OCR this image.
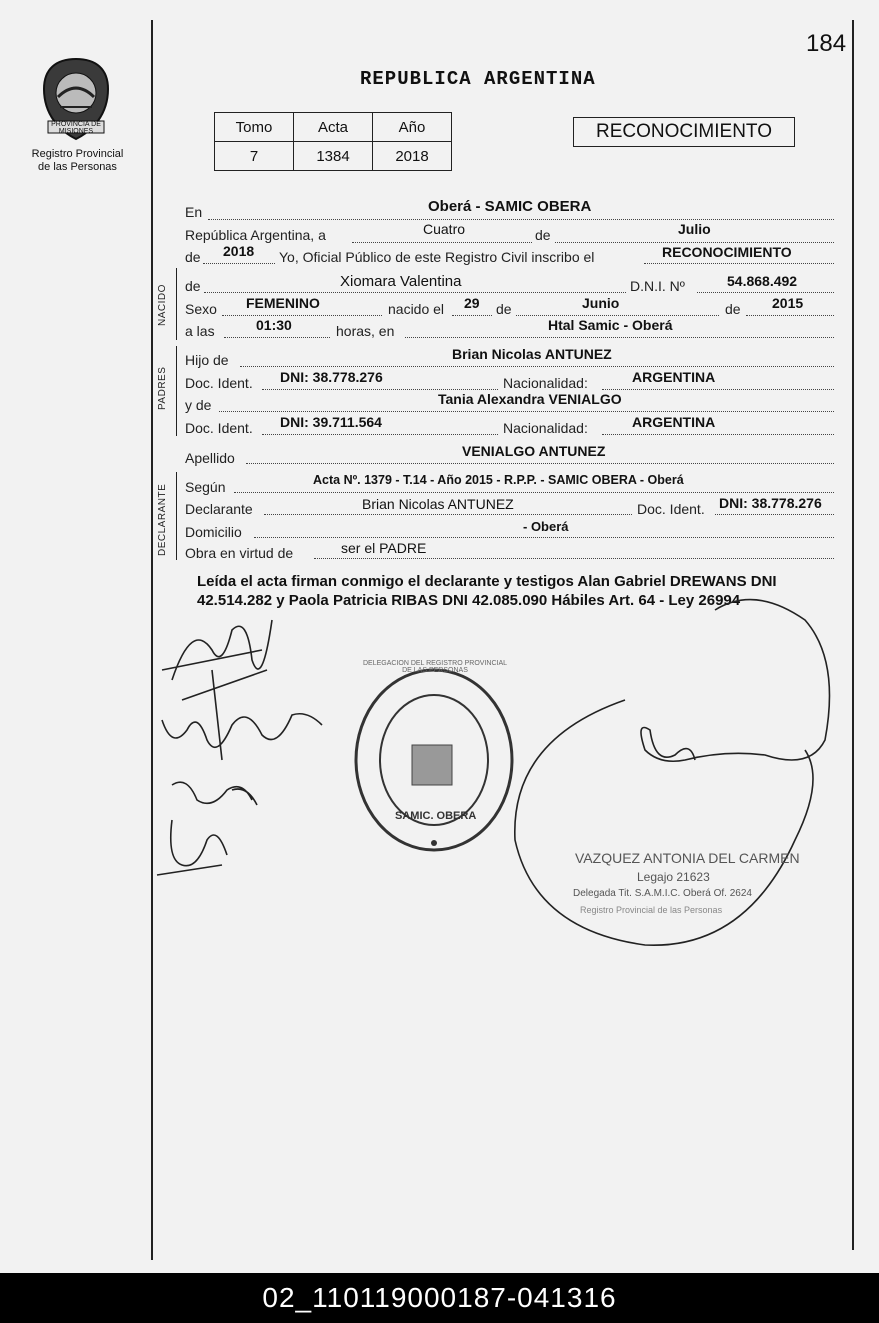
184
PROVINCIA DE MISIONES
Registro Provincial
de las Personas
REPUBLICA ARGENTINA
Tomo	Acta	Año
7	1384	2018
RECONOCIMIENTO
En	Oberá - SAMIC OBERA
República Argentina, a	Cuatro	de	Julio
de 2018 Yo, Oficial Público de este Registro Civil inscribo el	RECONOCIMIENTO
NACIDO de	Xiomara Valentina	D.N.I. Nº	54.868.492
Sexo FEMENINO	nacido el 29 de	Junio	de 2015
a las	01:30	horas, en	Htal Samic - Oberá
PADRES
Hijo de	Brian Nicolas ANTUNEZ
Doc. Ident. DNI: 38.778.276	Nacionalidad:	ARGENTINA
y de	Tania Alexandra VENIALGO
Doc. Ident. DNI: 39.711.564	Nacionalidad:	ARGENTINA
Apellido	VENIALGO ANTUNEZ
DECLARANTE Según	Acta Nº. 1379 - T.14 - Año 2015 - R.P.P. - SAMIC OBERA - Oberá
Declarante	Brian Nicolas ANTUNEZ	Doc. Ident. DNI: 38.778.276
Domicilio	- Oberá
Obra en virtud de	ser el PADRE
Leída el acta firman conmigo el declarante y testigos Alan Gabriel DREWANS DNI 42.514.282 y Paola Patricia RIBAS DNI 42.085.090 Hábiles Art. 64 - Ley 26994
DELEGACION DEL REGISTRO PROVINCIAL DE LAS PERSONAS
SAMIC. OBERA
VAZQUEZ ANTONIA DEL CARMEN
Legajo 21623
Delegada Tit. S.A.M.I.C. Oberá Of. 2624
Registro Provincial de las Personas
02_110119000187-041316
